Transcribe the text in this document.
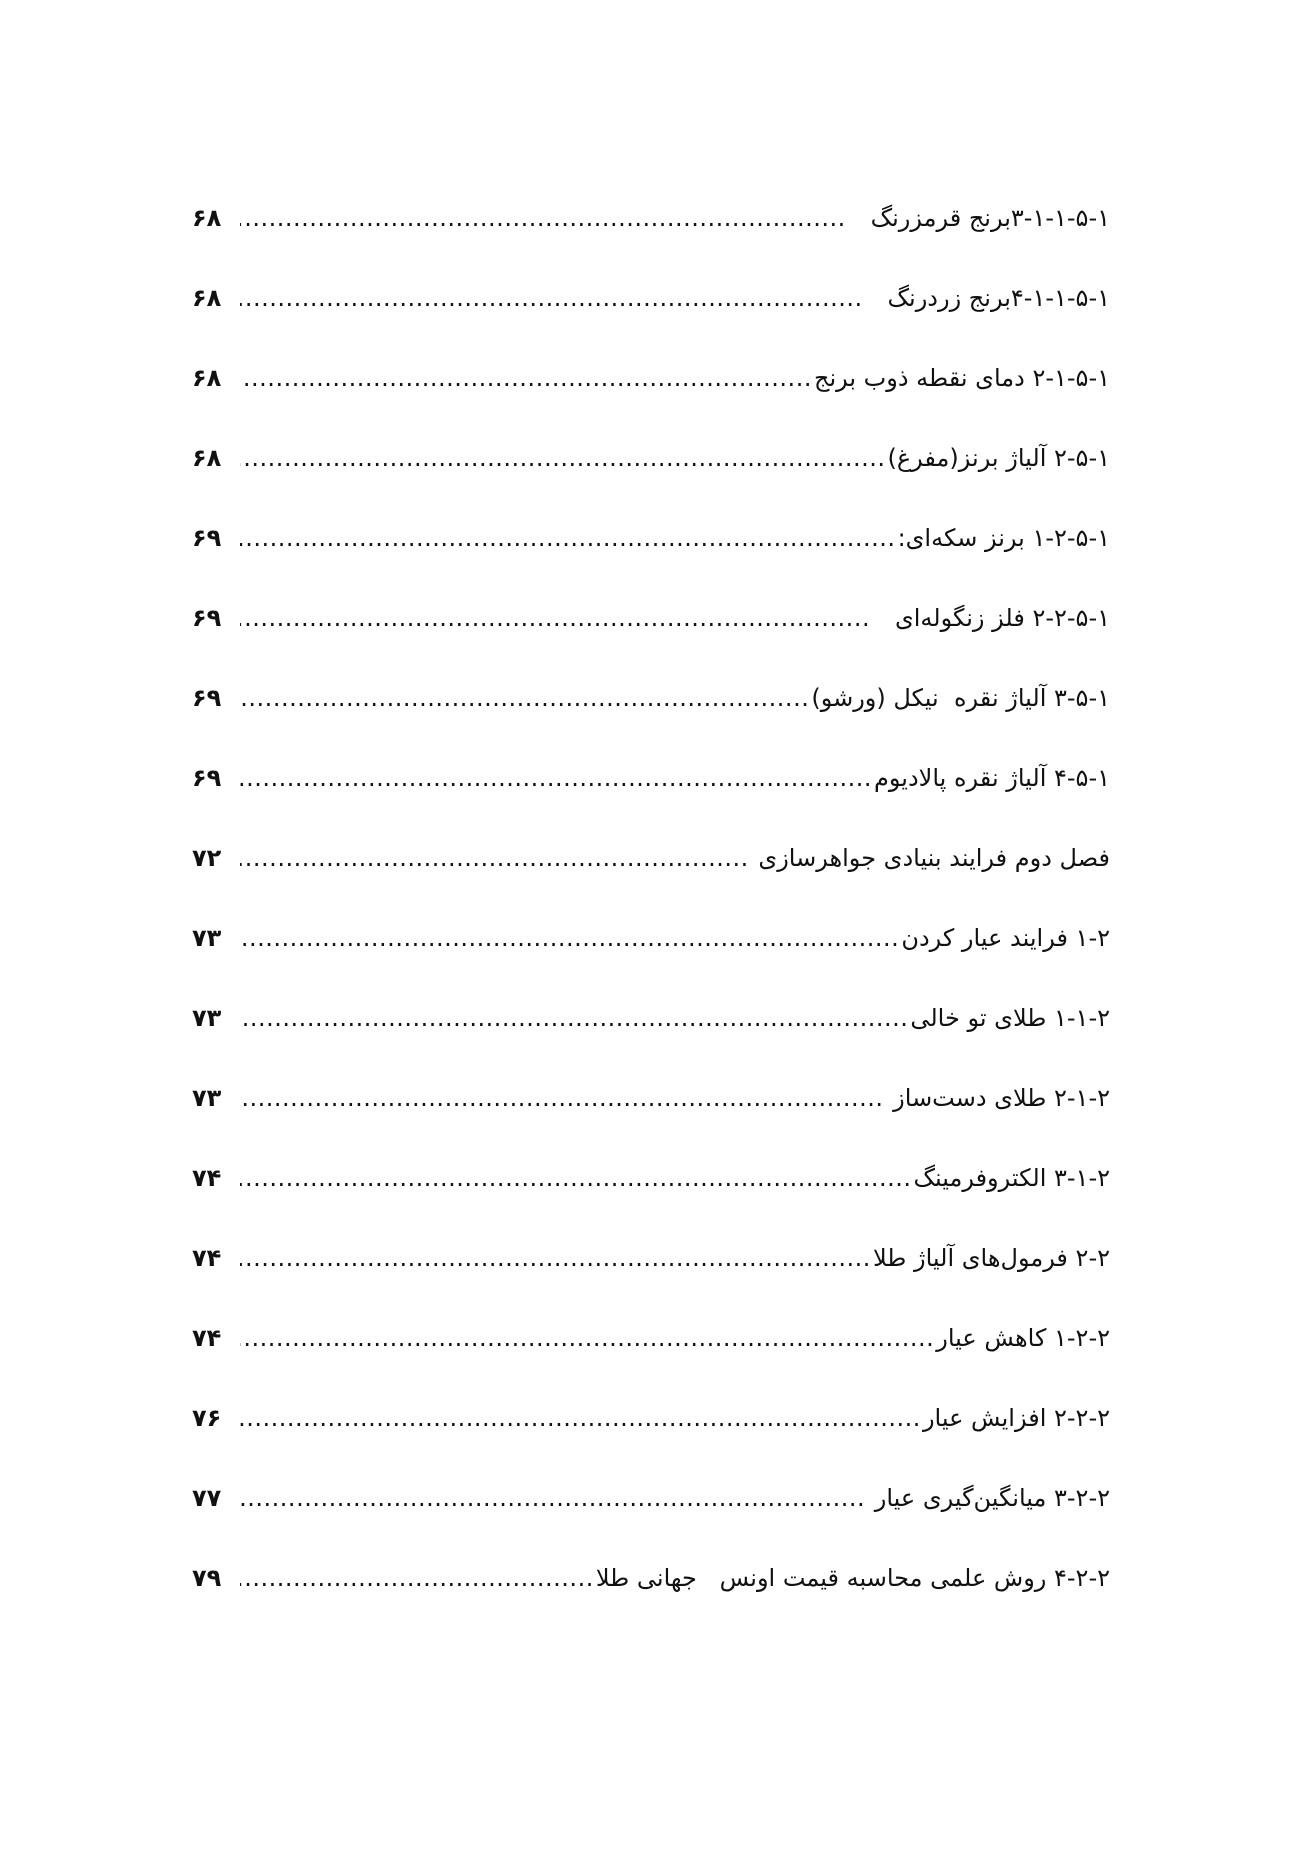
۳-۱-۱-۵-۱برنج قرمزرنگ
.....
۶۸
۴-۱-۱-۵-۱برنج زردرنگ
.....
۶۸
۲-۱-۵-۱ دمای نقطه ذوب برنج
.....
۶۸
۲-۵-۱ آلیاژ برنز(مفرغ)
.....
۶۸
۱-۲-۵-۱ برنز سکه‌ای:
.....
۶۹
۲-۲-۵-۱ فلز زنگوله‌ای
.....
۶۹
۳-۵-۱ آلیاژ نقره  نیکل (ورشو)
.....
۶۹
۴-۵-۱ آلیاژ نقره پالادیوم
.....
۶۹
فصل دوم فرایند بنیادی جواهرسازی
.....
۷۲
۱-۲ فرایند عیار کردن
.....
۷۳
۱-۱-۲ طلای تو خالی
.....
۷۳
۲-۱-۲ طلای دست‌ساز
.....
۷۳
۳-۱-۲ الکتروفرمینگ
.....
۷۴
۲-۲ فرمول‌های آلیاژ طلا
.....
۷۴
۱-۲-۲ کاهش عیار
.....
۷۴
۲-۲-۲ افزایش عیار
.....
۷۶
۳-۲-۲ میانگین‌گیری عیار
.....
۷۷
۴-۲-۲ روش علمی محاسبه قیمت اونس   جهانی طلا
.....
۷۹
